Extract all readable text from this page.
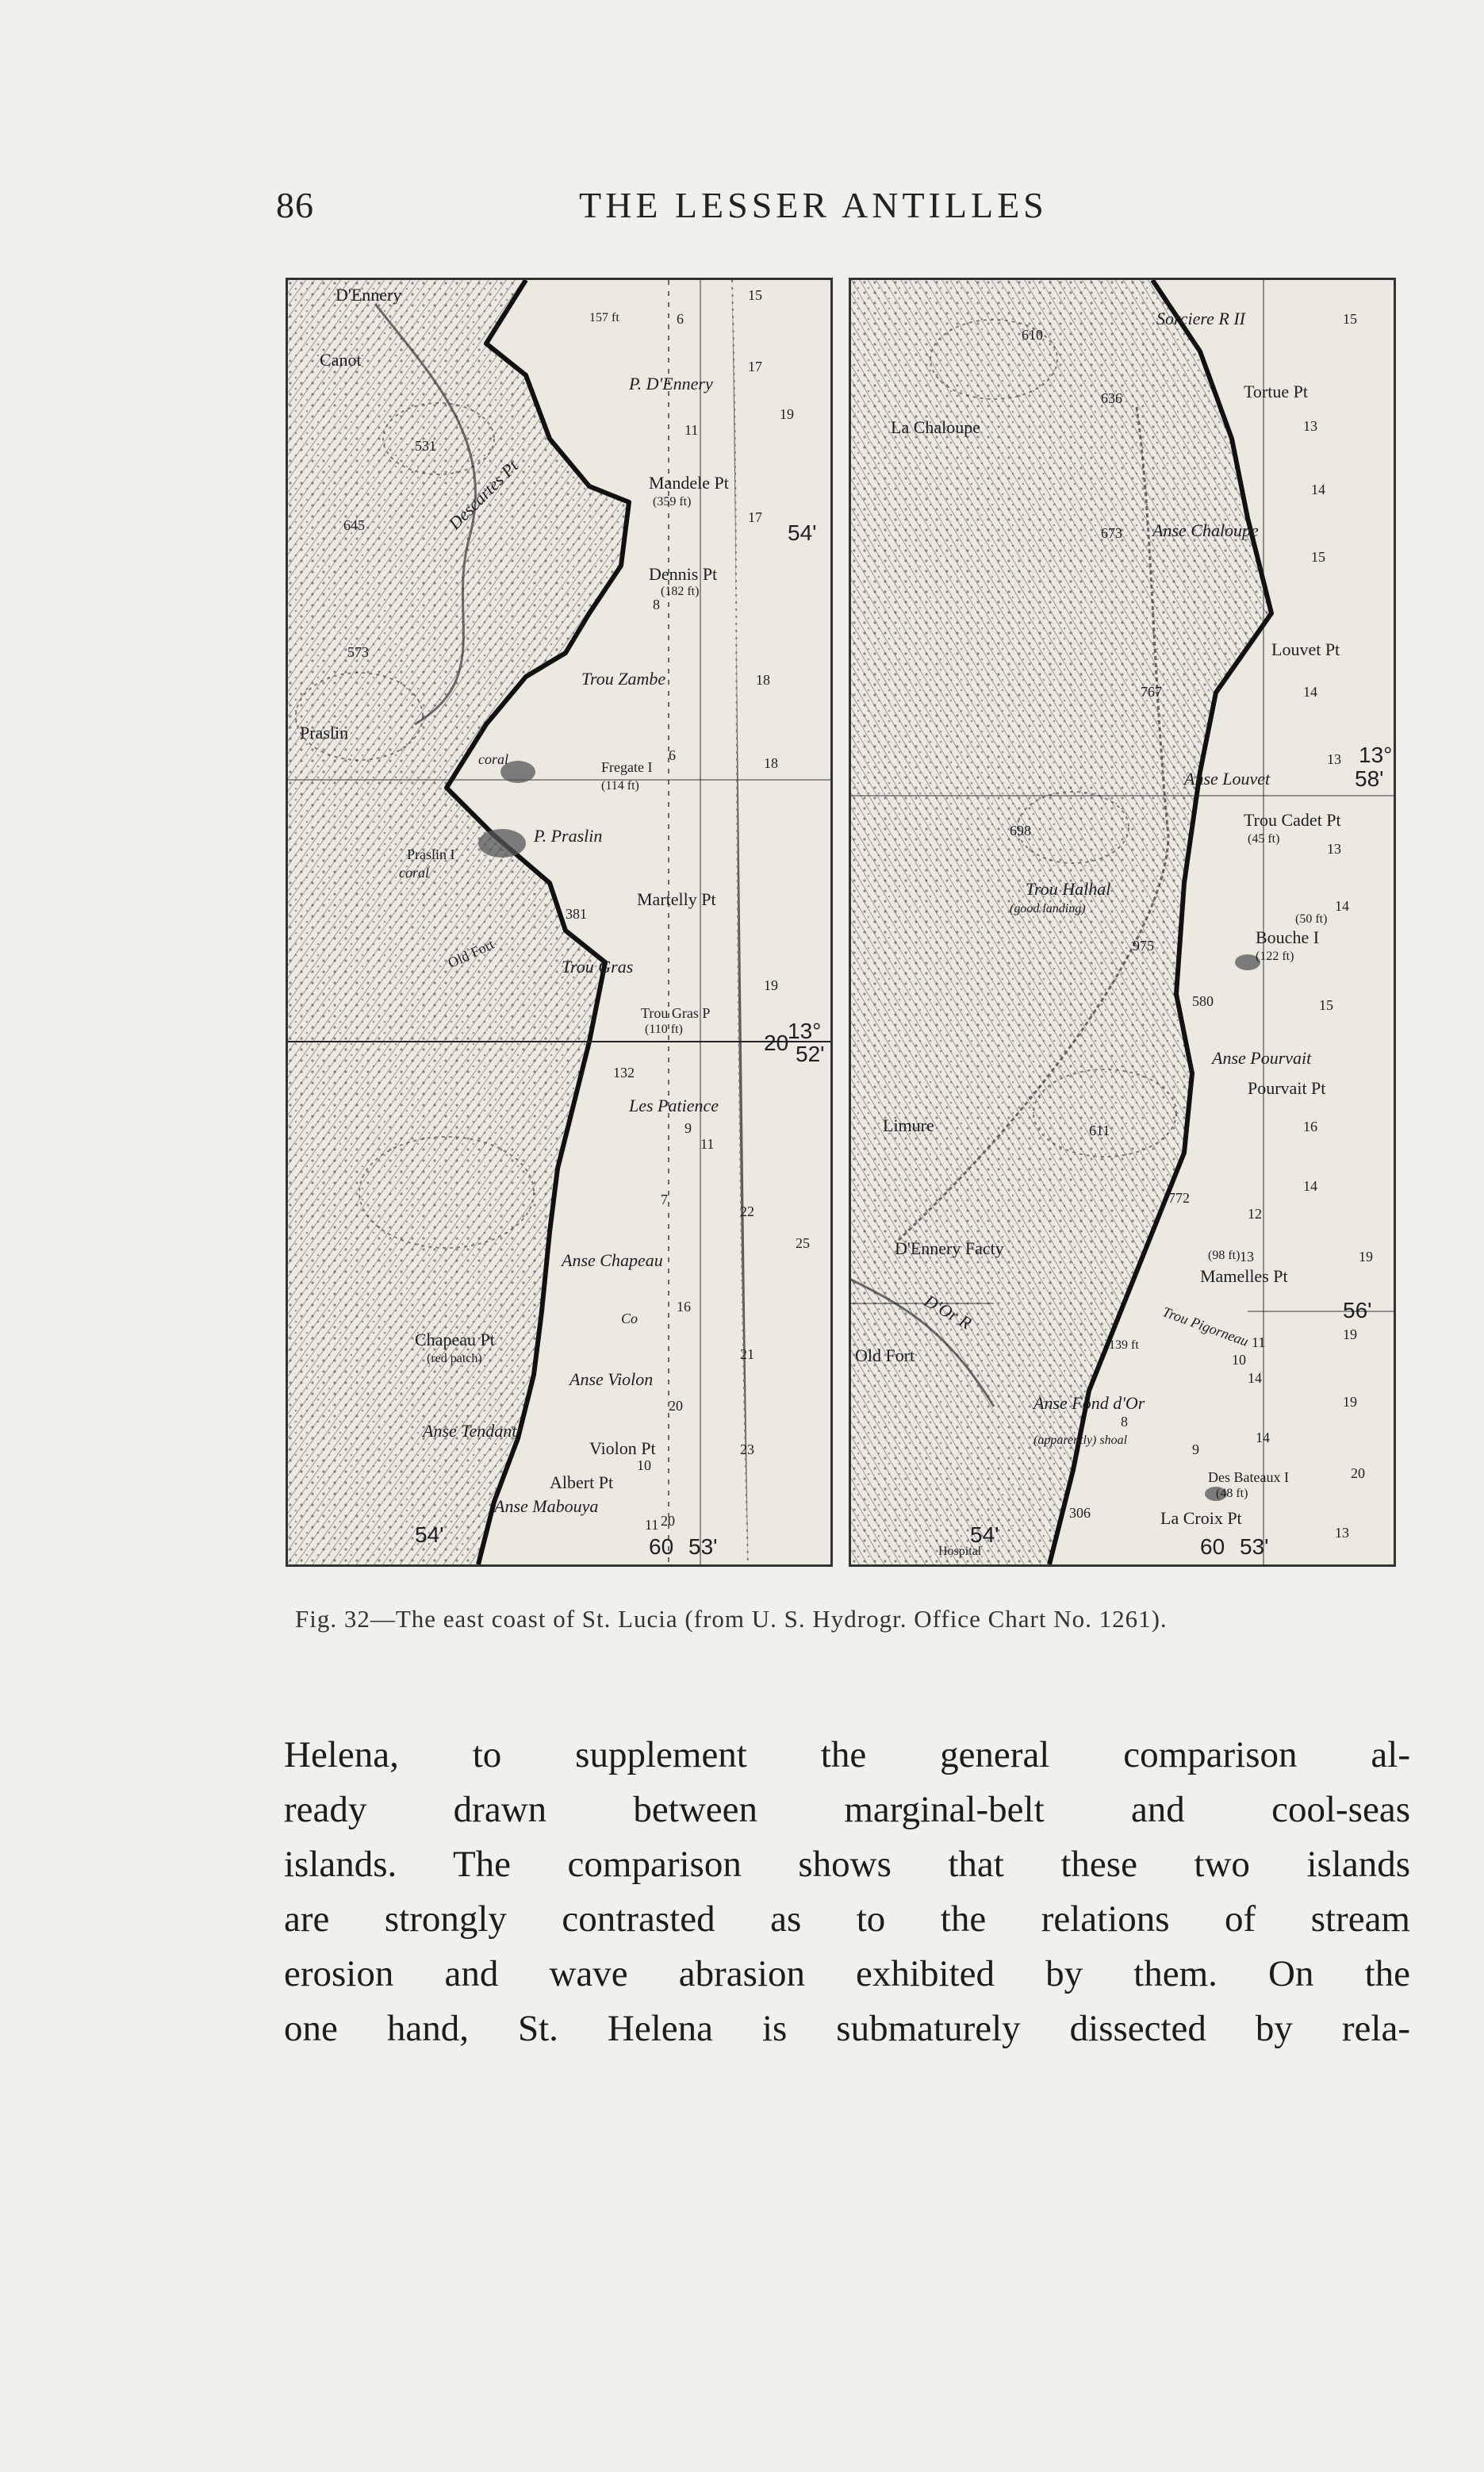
86	THE LESSER ANTILLES
D'Ennery
Canot
Descartes Pt
P. D'Ennery
Mandele Pt
(359 ft)
Dennis Pt
(182 ft)
Trou Zambe
Praslin
coral	Fregate I
(114 ft)
P. Praslin
Praslin I
coral
Martelly Pt
Old Fort	Trou Gras
Trou Gras P
(110 ft)
Les Patience
Anse Chapeau
Co
Chapeau Pt
(red patch)
Anse Violon
Anse Tendant
Violon Pt
Albert Pt
Anse Mabouya
531
645
573
381
132
157 ft
15
6
17
19
11
8
17
18
18
19
11
22
25
16
21
20
23
20
10
11
7
9
6
54'
13°
52'
20
54'	60 53'
Sorciere R II
Tortue Pt
La Chaloupe
Anse Chaloupe
Louvet Pt
Anse Louvet
Trou Cadet Pt
(45 ft)
Trou Halhal
(good landing)
Bouche I
(122 ft)
(50 ft)
Anse Pourvait
Pourvait Pt
Limure
Mamelles Pt
(98 ft)
D'Ennery Facty
D'Or R
Old Fort
Trou Pigorneau
Anse Fond d'Or
(apparently) shoal
Des Bateaux I
(48 ft)
La Croix Pt
Hospital
610
636
673
767
698
975
580
611
772
139 ft
306
15
13
14
15
14
13
13
15
14
16
14
12
13	19
19
14
19
14
20
13
11
10
8
9
13°
58'
56'
54'	60 53'
Fig. 32—The east coast of St. Lucia (from U. S. Hydrogr. Office Chart No. 1261).
Helena, to supplement the general comparison al-
ready drawn between marginal-belt and cool-seas
islands. The comparison shows that these two islands
are strongly contrasted as to the relations of stream
erosion and wave abrasion exhibited by them. On the
one hand, St. Helena is submaturely dissected by rela-
